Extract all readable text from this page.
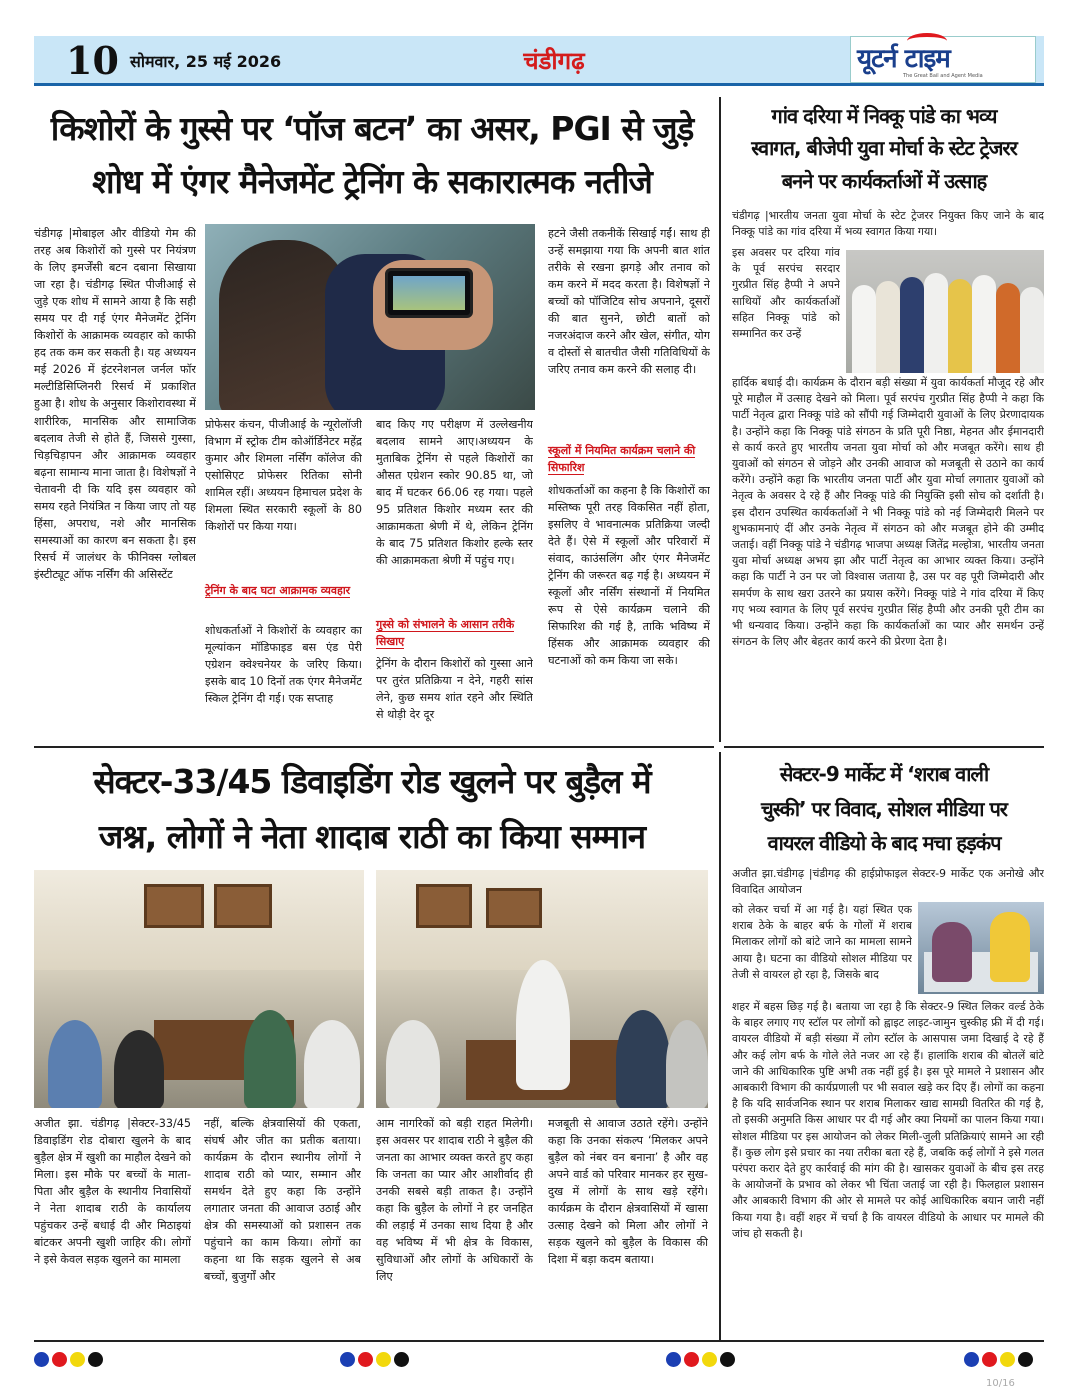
10 सोमवार, 25 मई 2026	चंडीगढ़	यूटर्न टाइम
The Great Bail and Agent Media
किशोरों के गुस्से पर ‘पॉज बटन’ का असर, PGI से जुड़े
शोध में एंगर मैनेजमेंट ट्रेनिंग के सकारात्मक नतीजे
चंडीगढ़ |मोबाइल और वीडियो गेम की तरह अब किशोरों को गुस्से पर नियंत्रण के लिए इमर्जेंसी बटन दबाना सिखाया जा रहा है। चंडीगढ़ स्थित पीजीआई से जुड़े एक शोध में सामने आया है कि सही समय पर दी गई एंगर मैनेजमेंट ट्रेनिंग किशोरों के आक्रामक व्यवहार को काफी हद तक कम कर सकती है। यह अध्ययन मई 2026 में इंटरनेशनल जर्नल फॉर मल्टीडिसिप्लिनरी रिसर्च में प्रकाशित हुआ है। शोध के अनुसार किशोरावस्था में शारीरिक, मानसिक और सामाजिक बदलाव तेजी से होते हैं, जिससे गुस्सा, चिड़चिड़ापन और आक्रामक व्यवहार बढ़ना सामान्य माना जाता है। विशेषज्ञों ने चेतावनी दी कि यदि इस व्यवहार को समय रहते नियंत्रित न किया जाए तो यह हिंसा, अपराध, नशे और मानसिक समस्याओं का कारण बन सकता है। इस रिसर्च में जालंधर के फीनिक्स ग्लोबल इंस्टीट्यूट ऑफ नर्सिंग की असिस्टेंट
प्रोफेसर कंचन, पीजीआई के न्यूरोलॉजी विभाग में स्ट्रोक टीम कोऑर्डिनेटर महेंद्र कुमार और शिमला नर्सिंग कॉलेज की एसोसिएट प्रोफेसर रितिका सोनी शामिल रहीं। अध्ययन हिमाचल प्रदेश के शिमला स्थित सरकारी स्कूलों के 80 किशोरों पर किया गया।
ट्रेनिंग के बाद घटा आक्रामक व्यवहार
शोधकर्ताओं ने किशोरों के व्यवहार का मूल्यांकन मॉडिफाइड बस एंड पेरी एग्रेशन क्वेश्चनेयर के जरिए किया। इसके बाद 10 दिनों तक एंगर मैनेजमेंट स्किल ट्रेनिंग दी गई। एक सप्ताह
बाद किए गए परीक्षण में उल्लेखनीय बदलाव सामने आए।अध्ययन के मुताबिक ट्रेनिंग से पहले किशोरों का औसत एग्रेशन स्कोर 90.85 था, जो बाद में घटकर 66.06 रह गया। पहले 95 प्रतिशत किशोर मध्यम स्तर की आक्रामकता श्रेणी में थे, लेकिन ट्रेनिंग के बाद 75 प्रतिशत किशोर हल्के स्तर की आक्रामकता श्रेणी में पहुंच गए।
गुस्से को संभालने के आसान तरीके सिखाए
ट्रेनिंग के दौरान किशोरों को गुस्सा आने पर तुरंत प्रतिक्रिया न देने, गहरी सांस लेने, कुछ समय शांत रहने और स्थिति से थोड़ी देर दूर
हटने जैसी तकनीकें सिखाई गईं। साथ ही उन्हें समझाया गया कि अपनी बात शांत तरीके से रखना झगड़े और तनाव को कम करने में मदद करता है। विशेषज्ञों ने बच्चों को पॉजिटिव सोच अपनाने, दूसरों की बात सुनने, छोटी बातों को नजरअंदाज करने और खेल, संगीत, योग व दोस्तों से बातचीत जैसी गतिविधियों के जरिए तनाव कम करने की सलाह दी।
स्कूलों में नियमित कार्यक्रम चलाने की सिफारिश
शोधकर्ताओं का कहना है कि किशोरों का मस्तिष्क पूरी तरह विकसित नहीं होता, इसलिए वे भावनात्मक प्रतिक्रिया जल्दी देते हैं। ऐसे में स्कूलों और परिवारों में संवाद, काउंसलिंग और एंगर मैनेजमेंट ट्रेनिंग की जरूरत बढ़ गई है। अध्ययन में स्कूलों और नर्सिंग संस्थानों में नियमित रूप से ऐसे कार्यक्रम चलाने की सिफारिश की गई है, ताकि भविष्य में हिंसक और आक्रामक व्यवहार की घटनाओं को कम किया जा सके।
गांव दरिया में निक्कू पांडे का भव्य
स्वागत, बीजेपी युवा मोर्चा के स्टेट ट्रेजरर
बनने पर कार्यकर्ताओं में उत्साह
चंडीगढ़ |भारतीय जनता युवा मोर्चा के स्टेट ट्रेजरर नियुक्त किए जाने के बाद निक्कू पांडे का गांव दरिया में भव्य स्वागत किया गया।
इस अवसर पर दरिया गांव के पूर्व सरपंच सरदार गुरप्रीत सिंह हैप्पी ने अपने साथियों और कार्यकर्ताओं सहित निक्कू पांडे को सम्मानित कर उन्हें
हार्दिक बधाई दी। कार्यक्रम के दौरान बड़ी संख्या में युवा कार्यकर्ता मौजूद रहे और पूरे माहौल में उत्साह देखने को मिला। पूर्व सरपंच गुरप्रीत सिंह हैप्पी ने कहा कि पार्टी नेतृत्व द्वारा निक्कू पांडे को सौंपी गई जिम्मेदारी युवाओं के लिए प्रेरणादायक है। उन्होंने कहा कि निक्कू पांडे संगठन के प्रति पूरी निष्ठा, मेहनत और ईमानदारी से कार्य करते हुए भारतीय जनता युवा मोर्चा को और मजबूत करेंगे। साथ ही युवाओं को संगठन से जोड़ने और उनकी आवाज को मजबूती से उठाने का कार्य करेंगे। उन्होंने कहा कि भारतीय जनता पार्टी और युवा मोर्चा लगातार युवाओं को नेतृत्व के अवसर दे रहे हैं और निक्कू पांडे की नियुक्ति इसी सोच को दर्शाती है। इस दौरान उपस्थित कार्यकर्ताओं ने भी निक्कू पांडे को नई जिम्मेदारी मिलने पर शुभकामनाएं दीं और उनके नेतृत्व में संगठन को और मजबूत होने की उम्मीद जताई। वहीं निक्कू पांडे ने चंडीगढ़ भाजपा अध्यक्ष जितेंद्र मल्होत्रा, भारतीय जनता युवा मोर्चा अध्यक्ष अभय झा और पार्टी नेतृत्व का आभार व्यक्त किया। उन्होंने कहा कि पार्टी ने उन पर जो विश्वास जताया है, उस पर वह पूरी जिम्मेदारी और समर्पण के साथ खरा उतरने का प्रयास करेंगे। निक्कू पांडे ने गांव दरिया में किए गए भव्य स्वागत के लिए पूर्व सरपंच गुरप्रीत सिंह हैप्पी और उनकी पूरी टीम का भी धन्यवाद किया। उन्होंने कहा कि कार्यकर्ताओं का प्यार और समर्थन उन्हें संगठन के लिए और बेहतर कार्य करने की प्रेरणा देता है।
सेक्टर-33/45 डिवाइडिंग रोड खुलने पर बुड़ैल में
जश्न, लोगों ने नेता शादाब राठी का किया सम्मान
अजीत झा. चंडीगढ़ |सेक्टर-33/45 डिवाइडिंग रोड दोबारा खुलने के बाद बुड़ैल क्षेत्र में खुशी का माहौल देखने को मिला। इस मौके पर बच्चों के माता-पिता और बुड़ैल के स्थानीय निवासियों ने नेता शादाब राठी के कार्यालय पहुंचकर उन्हें बधाई दी और मिठाइयां बांटकर अपनी खुशी जाहिर की। लोगों ने इसे केवल सड़क खुलने का मामला
नहीं, बल्कि क्षेत्रवासियों की एकता, संघर्ष और जीत का प्रतीक बताया। कार्यक्रम के दौरान स्थानीय लोगों ने शादाब राठी को प्यार, सम्मान और समर्थन देते हुए कहा कि उन्होंने लगातार जनता की आवाज उठाई और क्षेत्र की समस्याओं को प्रशासन तक पहुंचाने का काम किया। लोगों का कहना था कि सड़क खुलने से अब बच्चों, बुजुर्गों और
आम नागरिकों को बड़ी राहत मिलेगी। इस अवसर पर शादाब राठी ने बुड़ैल की जनता का आभार व्यक्त करते हुए कहा कि जनता का प्यार और आशीर्वाद ही उनकी सबसे बड़ी ताकत है। उन्होंने कहा कि बुड़ैल के लोगों ने हर जनहित की लड़ाई में उनका साथ दिया है और वह भविष्य में भी क्षेत्र के विकास, सुविधाओं और लोगों के अधिकारों के लिए
मजबूती से आवाज उठाते रहेंगे। उन्होंने कहा कि उनका संकल्प ‘मिलकर अपने बुड़ैल को नंबर वन बनाना’ है और वह अपने वार्ड को परिवार मानकर हर सुख-दुख में लोगों के साथ खड़े रहेंगे। कार्यक्रम के दौरान क्षेत्रवासियों में खासा उत्साह देखने को मिला और लोगों ने सड़क खुलने को बुड़ैल के विकास की दिशा में बड़ा कदम बताया।
सेक्टर-9 मार्केट में ‘शराब वाली
चुस्की’ पर विवाद, सोशल मीडिया पर
वायरल वीडियो के बाद मचा हड़कंप
अजीत झा.चंडीगढ़ |चंडीगढ़ की हाईप्रोफाइल सेक्टर-9 मार्केट एक अनोखे और विवादित आयोजन
को लेकर चर्चा में आ गई है। यहां स्थित एक शराब ठेके के बाहर बर्फ के गोलों में शराब मिलाकर लोगों को बांटे जाने का मामला सामने आया है। घटना का वीडियो सोशल मीडिया पर तेजी से वायरल हो रहा है, जिसके बाद
शहर में बहस छिड़ गई है। बताया जा रहा है कि सेक्टर-9 स्थित लिकर वर्ल्ड ठेके के बाहर लगाए गए स्टॉल पर लोगों को ह्वाइट लाइट-जामुन चुस्कीह फ्री में दी गई। वायरल वीडियो में बड़ी संख्या में लोग स्टॉल के आसपास जमा दिखाई दे रहे हैं और कई लोग बर्फ के गोले लेते नजर आ रहे हैं। हालांकि शराब की बोतलें बांटे जाने की आधिकारिक पुष्टि अभी तक नहीं हुई है। इस पूरे मामले ने प्रशासन और आबकारी विभाग की कार्यप्रणाली पर भी सवाल खड़े कर दिए हैं। लोगों का कहना है कि यदि सार्वजनिक स्थान पर शराब मिलाकर खाद्य सामग्री वितरित की गई है, तो इसकी अनुमति किस आधार पर दी गई और क्या नियमों का पालन किया गया। सोशल मीडिया पर इस आयोजन को लेकर मिली-जुली प्रतिक्रियाएं सामने आ रही हैं। कुछ लोग इसे प्रचार का नया तरीका बता रहे हैं, जबकि कई लोगों ने इसे गलत परंपरा करार देते हुए कार्रवाई की मांग की है। खासकर युवाओं के बीच इस तरह के आयोजनों के प्रभाव को लेकर भी चिंता जताई जा रही है। फिलहाल प्रशासन और आबकारी विभाग की ओर से मामले पर कोई आधिकारिक बयान जारी नहीं किया गया है। वहीं शहर में चर्चा है कि वायरल वीडियो के आधार पर मामले की जांच हो सकती है।
10/16
